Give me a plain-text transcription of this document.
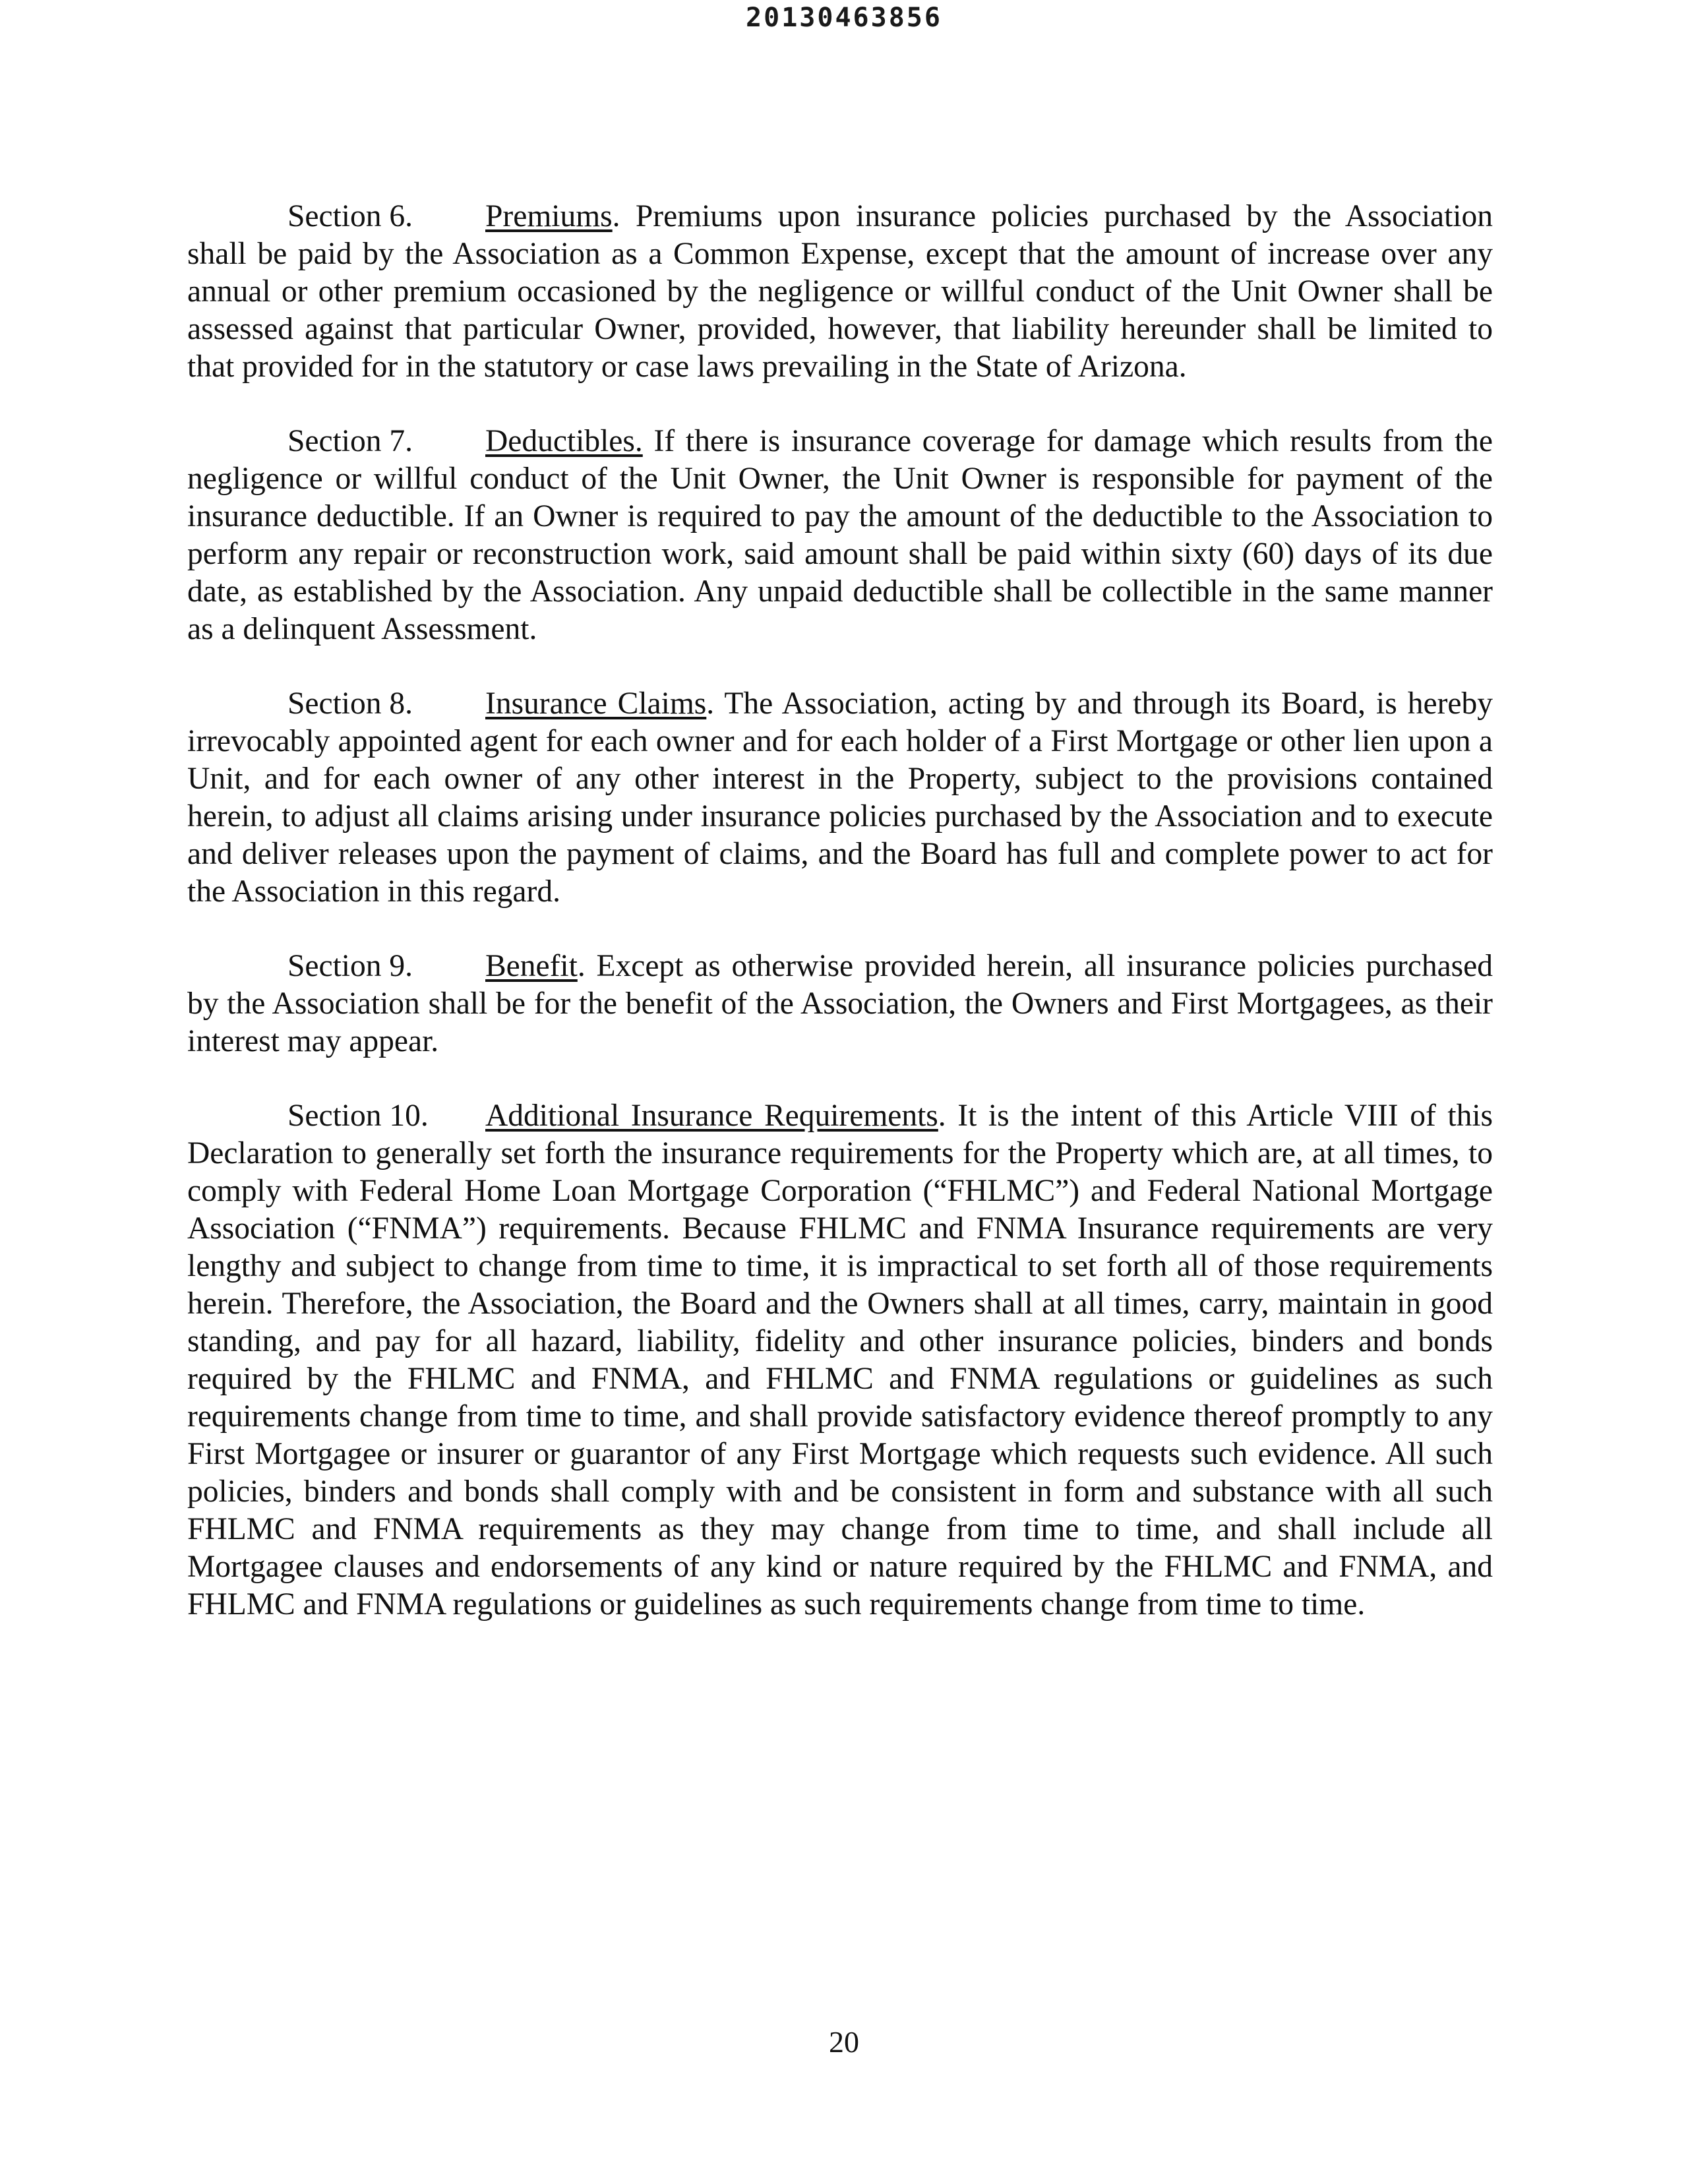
20130463856

Section 6. Premiums. Premiums upon insurance policies purchased by the Association shall be paid by the Association as a Common Expense, except that the amount of increase over any annual or other premium occasioned by the negligence or willful conduct of the Unit Owner shall be assessed against that particular Owner, provided, however, that liability hereunder shall be limited to that provided for in the statutory or case laws prevailing in the State of Arizona.

Section 7. Deductibles. If there is insurance coverage for damage which results from the negligence or willful conduct of the Unit Owner, the Unit Owner is responsible for payment of the insurance deductible. If an Owner is required to pay the amount of the deductible to the Association to perform any repair or reconstruction work, said amount shall be paid within sixty (60) days of its due date, as established by the Association. Any unpaid deductible shall be collectible in the same manner as a delinquent Assessment.

Section 8. Insurance Claims. The Association, acting by and through its Board, is hereby irrevocably appointed agent for each owner and for each holder of a First Mortgage or other lien upon a Unit, and for each owner of any other interest in the Property, subject to the provisions contained herein, to adjust all claims arising under insurance policies purchased by the Association and to execute and deliver releases upon the payment of claims, and the Board has full and complete power to act for the Association in this regard.

Section 9. Benefit. Except as otherwise provided herein, all insurance policies purchased by the Association shall be for the benefit of the Association, the Owners and First Mortgagees, as their interest may appear.

Section 10. Additional Insurance Requirements. It is the intent of this Article VIII of this Declaration to generally set forth the insurance requirements for the Property which are, at all times, to comply with Federal Home Loan Mortgage Corporation (“FHLMC”) and Federal National Mortgage Association (“FNMA”) requirements. Because FHLMC and FNMA Insurance requirements are very lengthy and subject to change from time to time, it is impractical to set forth all of those requirements herein. Therefore, the Association, the Board and the Owners shall at all times, carry, maintain in good standing, and pay for all hazard, liability, fidelity and other insurance policies, binders and bonds required by the FHLMC and FNMA, and FHLMC and FNMA regulations or guidelines as such requirements change from time to time, and shall provide satisfactory evidence thereof promptly to any First Mortgagee or insurer or guarantor of any First Mortgage which requests such evidence. All such policies, binders and bonds shall comply with and be consistent in form and substance with all such FHLMC and FNMA requirements as they may change from time to time, and shall include all Mortgagee clauses and endorsements of any kind or nature required by the FHLMC and FNMA, and FHLMC and FNMA regulations or guidelines as such requirements change from time to time.

20
